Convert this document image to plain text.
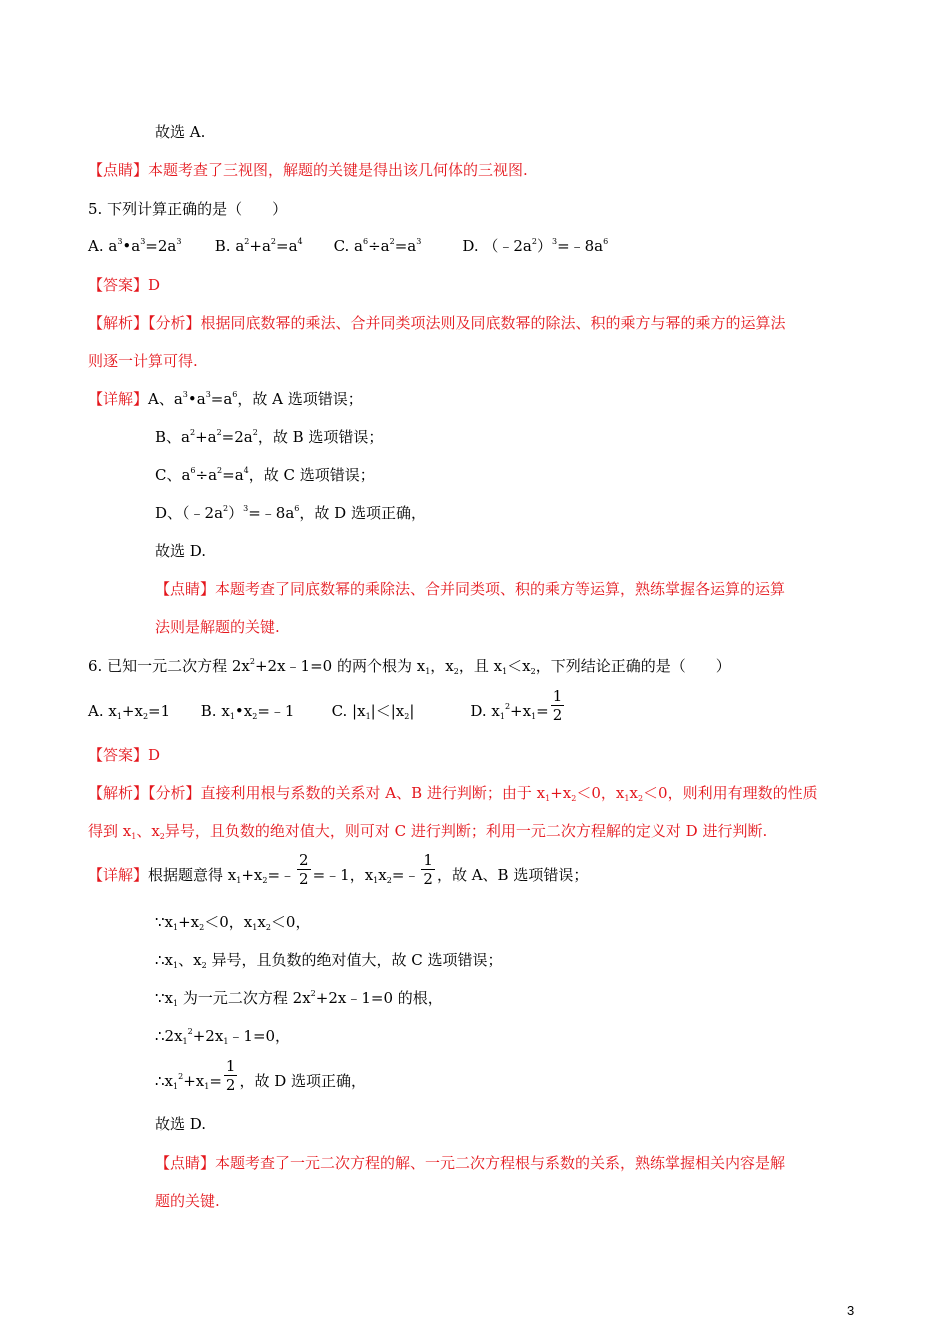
故选 A.
【点睛】本题考查了三视图，解题的关键是得出该几何体的三视图.
5. 下列计算正确的是（　　）
A. $a^3•a^3=2a^3$ B. $a^2+a^2=a^4$ C. $a^6\div a^2=a^3$	D. $(﹣2a^2)^3=﹣8a^6$
【答案】D
【解析】【分析】根据同底数幂的乘法、合并同类项法则及同底数幂的除法、积的乘方与幂的乘方的运算法
则逐一计算可得.
【详解】A、$a^3•a^3=a^6$，故 A 选项错误；
B、$a^2+a^2=2a^2$，故 B 选项错误；
C、$a^6\div a^2=a^4$，故 C 选项错误；
D、$(﹣2a^2)^3=﹣8a^6$，故 D 选项正确，
故选 D.
【点睛】本题考查了同底数幂的乘除法、合并同类项、积的乘方等运算，熟练掌握各运算的运算
法则是解题的关键.
6. 已知一元二次方程 $2x^2+2x﹣1=0$ 的两个根为 $x_1$，$x_2$，且 $x_1<x_2$，下列结论正确的是（　　）
A. $x_1+x_2=1$ B. $x_1•x_2=﹣1$ C. $|x_1|<|x_2|$	D. $x_1^2+x_1= \frac{1}{2}$
【答案】D
【解析】【分析】直接利用根与系数的关系对 A、B 进行判断；由于 $x_1+x_2<0$，$x_1x_2<0$，则利用有理数的性质
得到 $x_1$、$x_2$异号，且负数的绝对值大，则可对 C 进行判断；利用一元二次方程解的定义对 D 进行判断.
【详解】根据题意得 $x_1+x_2=﹣ \frac{2}{2}$ =﹣1，$x_1x_2=﹣ \frac{1}{2}$ ，故 A、B 选项错误；
$\because x_1+x_2<0$，$x_1x_2<0$，
$\therefore x_1$、$x_2$ 异号，且负数的绝对值大，故 C 选项错误；
$\because x_1$ 为一元二次方程 $2x^2+2x﹣1=0$ 的根，
$\therefore 2x_1^2+2x_1﹣1=0$，
$\therefore x_1^2+x_1= \frac{1}{2}$ ，故 D 选项正确，
故选 D.
【点睛】本题考查了一元二次方程的解、一元二次方程根与系数的关系，熟练掌握相关内容是解
题的关键.
3
